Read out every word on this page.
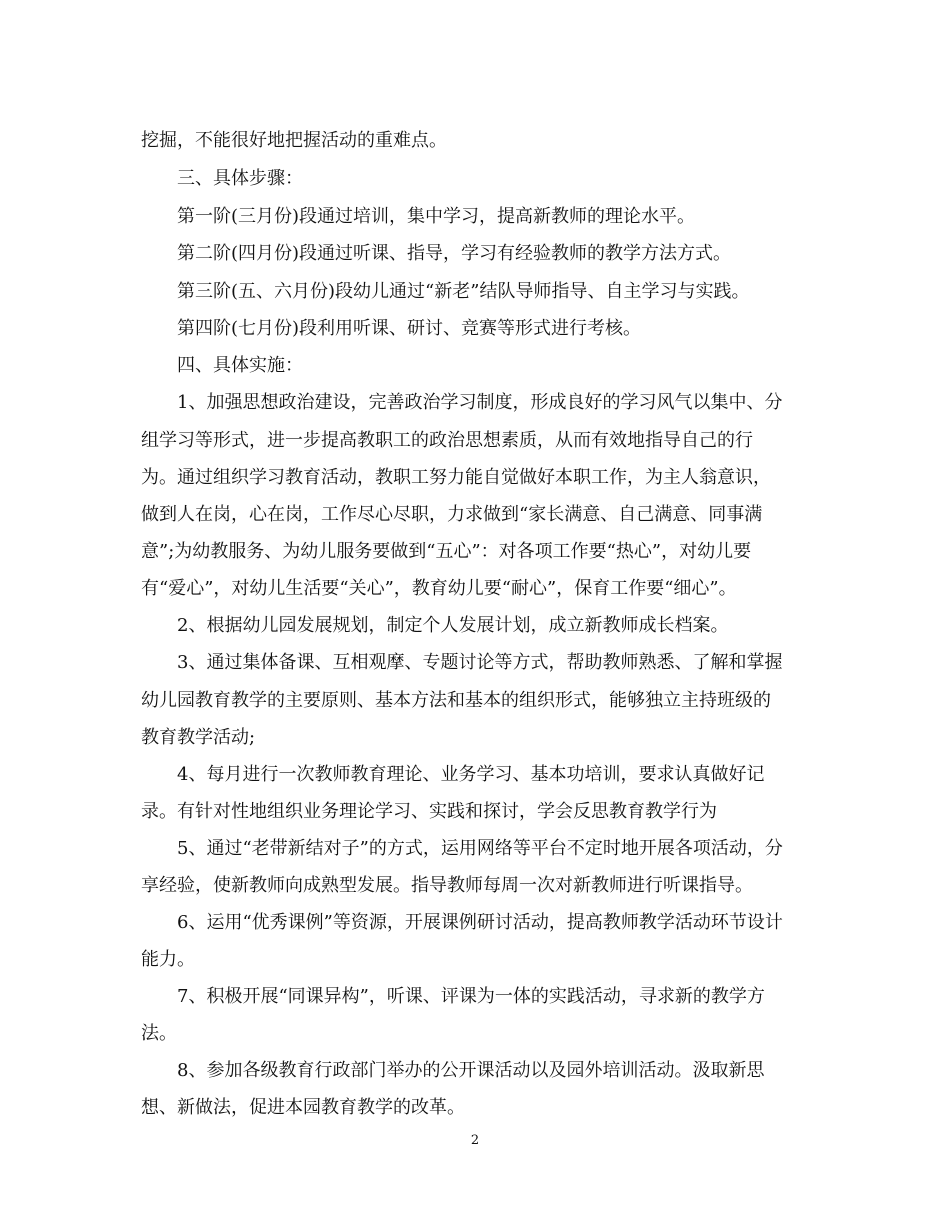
挖掘，不能很好地把握活动的重难点。
三、具体步骤：
第一阶(三月份)段通过培训，集中学习，提高新教师的理论水平。
第二阶(四月份)段通过听课、指导，学习有经验教师的教学方法方式。
第三阶(五、六月份)段幼儿通过“新老”结队导师指导、自主学习与实践。
第四阶(七月份)段利用听课、研讨、竞赛等形式进行考核。
四、具体实施：
1、加强思想政治建设，完善政治学习制度，形成良好的学习风气以集中、分
组学习等形式，进一步提高教职工的政治思想素质，从而有效地指导自己的行
为。通过组织学习教育活动，教职工努力能自觉做好本职工作，为主人翁意识，
做到人在岗，心在岗，工作尽心尽职，力求做到“家长满意、自己满意、同事满
意”;为幼教服务、为幼儿服务要做到“五心”：对各项工作要“热心”，对幼儿要
有“爱心”，对幼儿生活要“关心”，教育幼儿要“耐心”，保育工作要“细心”。
2、根据幼儿园发展规划，制定个人发展计划，成立新教师成长档案。
3、通过集体备课、互相观摩、专题讨论等方式，帮助教师熟悉、了解和掌握
幼儿园教育教学的主要原则、基本方法和基本的组织形式，能够独立主持班级的
教育教学活动;
4、每月进行一次教师教育理论、业务学习、基本功培训，要求认真做好记
录。有针对性地组织业务理论学习、实践和探讨，学会反思教育教学行为
5、通过“老带新结对子”的方式，运用网络等平台不定时地开展各项活动，分
享经验，使新教师向成熟型发展。指导教师每周一次对新教师进行听课指导。
6、运用“优秀课例”等资源，开展课例研讨活动，提高教师教学活动环节设计
能力。
7、积极开展“同课异构”，听课、评课为一体的实践活动，寻求新的教学方
法。
8、参加各级教育行政部门举办的公开课活动以及园外培训活动。汲取新思
想、新做法，促进本园教育教学的改革。
2
